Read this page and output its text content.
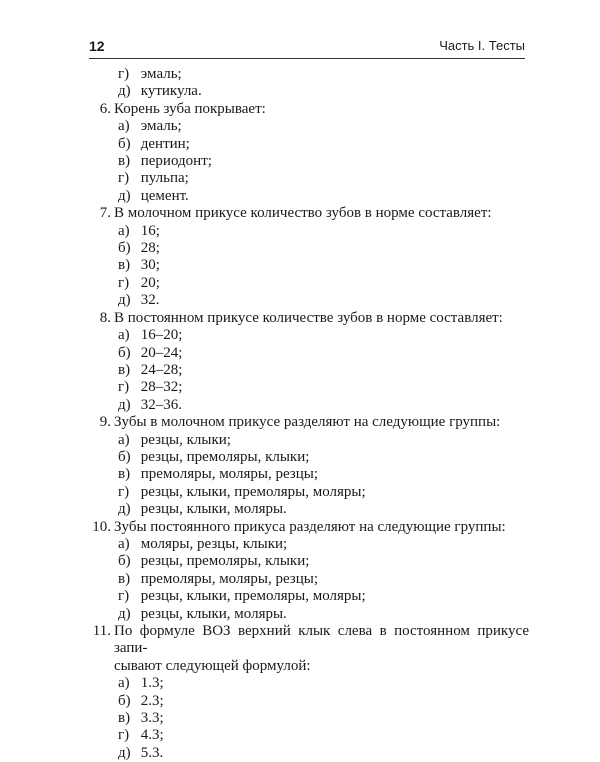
12	Часть I. Тесты
г) эмаль;
д) кутикула.
6. Корень зуба покрывает:
а) эмаль;
б) дентин;
в) периодонт;
г) пульпа;
д) цемент.
7. В молочном прикусе количество зубов в норме составляет:
а) 16;
б) 28;
в) 30;
г) 20;
д) 32.
8. В постоянном прикусе количестве зубов в норме составляет:
а) 16–20;
б) 20–24;
в) 24–28;
г) 28–32;
д) 32–36.
9. Зубы в молочном прикусе разделяют на следующие группы:
а) резцы, клыки;
б) резцы, премоляры, клыки;
в) премоляры, моляры, резцы;
г) резцы, клыки, премоляры, моляры;
д) резцы, клыки, моляры.
10. Зубы постоянного прикуса разделяют на следующие группы:
а) моляры, резцы, клыки;
б) резцы, премоляры, клыки;
в) премоляры, моляры, резцы;
г) резцы, клыки, премоляры, моляры;
д) резцы, клыки, моляры.
11. По формуле ВОЗ верхний клык слева в постоянном прикусе запи-
сывают следующей формулой:
а) 1.3;
б) 2.3;
в) 3.3;
г) 4.3;
д) 5.3.
